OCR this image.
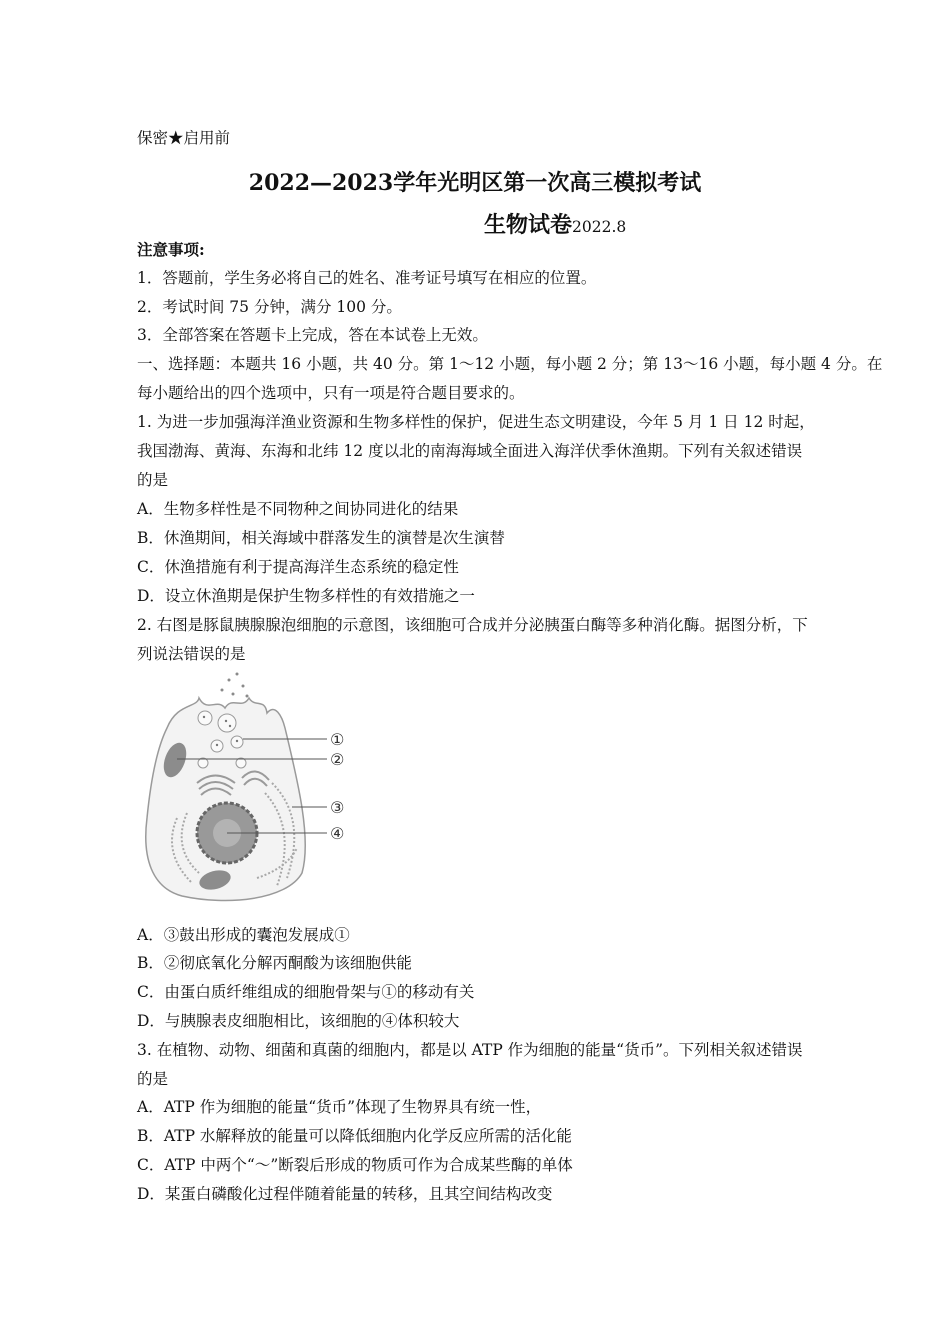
保密★启用前
2022—2023学年光明区第一次高三模拟考试
生物试卷2022.8
注意事项:
1．答题前，学生务必将自己的姓名、准考证号填写在相应的位置。
2．考试时间 75 分钟，满分 100 分。
3．全部答案在答题卡上完成，答在本试卷上无效。
一、选择题：本题共 16 小题，共 40 分。第 1～12 小题，每小题 2 分；第 13～16 小题，每小题 4 分。在
每小题给出的四个选项中，只有一项是符合题目要求的。
1. 为进一步加强海洋渔业资源和生物多样性的保护，促进生态文明建设，今年 5 月 1 日 12 时起，
我国渤海、黄海、东海和北纬 12 度以北的南海海域全面进入海洋伏季休渔期。下列有关叙述错误
的是
A．生物多样性是不同物种之间协同进化的结果
B．休渔期间，相关海域中群落发生的演替是次生演替
C．休渔措施有利于提高海洋生态系统的稳定性
D．设立休渔期是保护生物多样性的有效措施之一
2. 右图是豚鼠胰腺腺泡细胞的示意图，该细胞可合成并分泌胰蛋白酶等多种消化酶。据图分析，下
列说法错误的是
①
②
③
④
A．③鼓出形成的囊泡发展成①
B．②彻底氧化分解丙酮酸为该细胞供能
C．由蛋白质纤维组成的细胞骨架与①的移动有关
D．与胰腺表皮细胞相比，该细胞的④体积较大
3. 在植物、动物、细菌和真菌的细胞内，都是以 ATP 作为细胞的能量“货币”。下列相关叙述错误
的是
A．ATP 作为细胞的能量“货币”体现了生物界具有统一性，
B．ATP 水解释放的能量可以降低细胞内化学反应所需的活化能
C．ATP 中两个“～”断裂后形成的物质可作为合成某些酶的单体
D．某蛋白磷酸化过程伴随着能量的转移，且其空间结构改变
